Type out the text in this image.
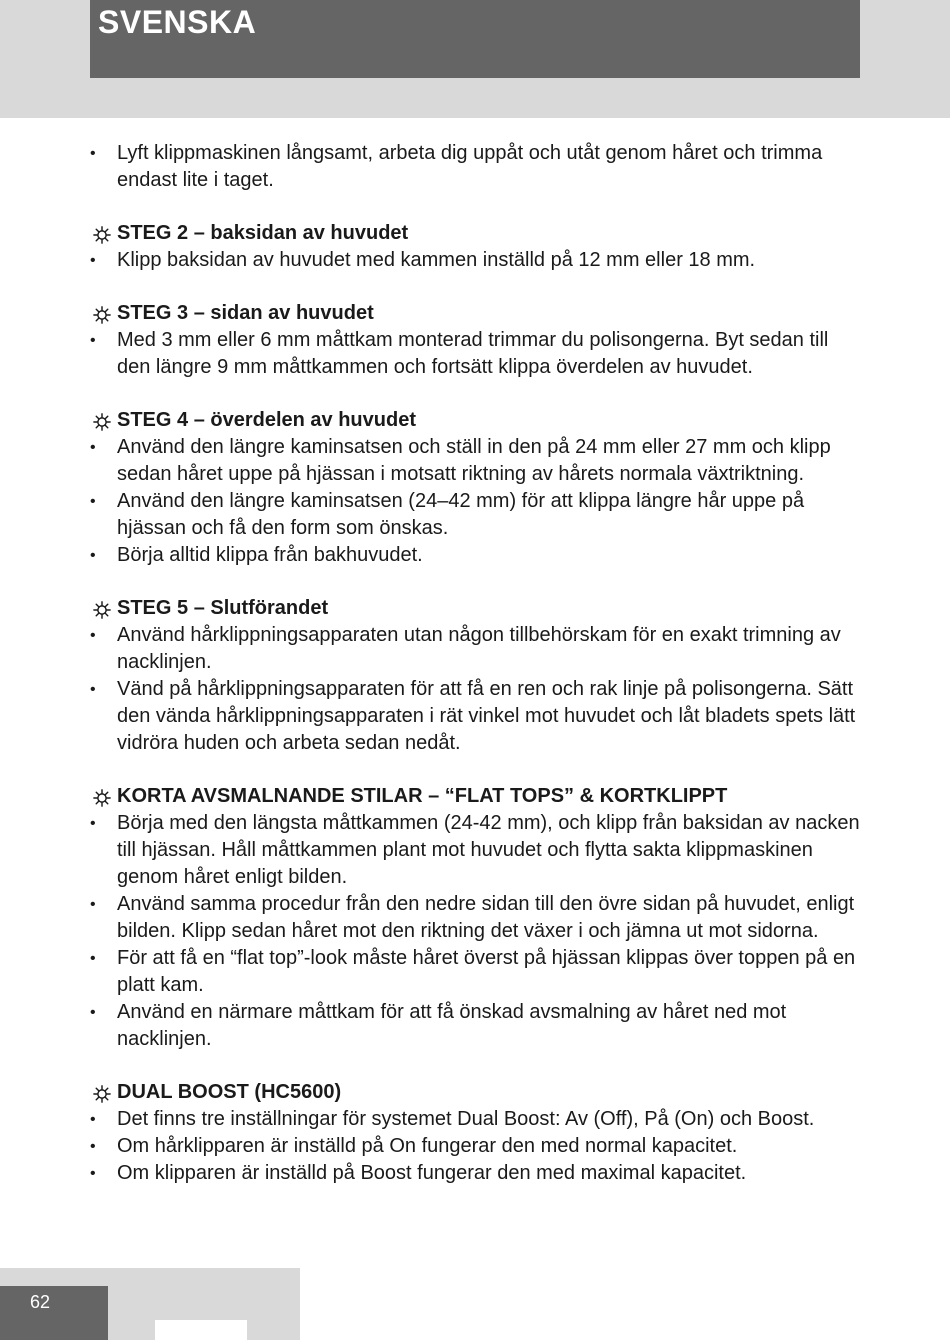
SVENSKA
•	Lyft klippmaskinen långsamt, arbeta dig uppåt och utåt genom håret och trimma endast lite i taget.
STEG 2 – baksidan av huvudet
•	Klipp baksidan av huvudet med kammen inställd på 12 mm eller 18 mm.
STEG 3 – sidan av huvudet
•	Med 3 mm eller 6 mm måttkam monterad trimmar du polisongerna. Byt sedan till den längre 9 mm måttkammen och fortsätt klippa överdelen av huvudet.
STEG 4 – överdelen av huvudet
•	Använd den längre kaminsatsen och ställ in den på 24 mm eller 27 mm och klipp sedan håret uppe på hjässan i motsatt riktning av hårets normala växtriktning.
•	Använd den längre kaminsatsen (24–42 mm) för att klippa längre hår uppe på hjässan och få den form som önskas.
•	Börja alltid klippa från bakhuvudet.
STEG 5 – Slutförandet
•	Använd hårklippningsapparaten utan någon tillbehörskam för en exakt trimning av nacklinjen.
•	Vänd på hårklippningsapparaten för att få en ren och rak linje på polisongerna. Sätt den vända hårklippningsapparaten i rät vinkel mot huvudet och låt bladets spets lätt vidröra huden och arbeta sedan nedåt.
KORTA AVSMALNANDE STILAR – “FLAT TOPS” & KORTKLIPPT
•	Börja med den längsta måttkammen (24-42 mm), och klipp från baksidan av nacken till hjässan. Håll måttkammen plant mot huvudet och flytta sakta klippmaskinen genom håret enligt bilden.
•	Använd samma procedur från den nedre sidan till den övre sidan på huvudet, enligt bilden. Klipp sedan håret mot den riktning det växer i och jämna ut mot sidorna.
•	För att få en “flat top”-look måste håret överst på hjässan klippas över toppen på en platt kam.
•	Använd en närmare måttkam för att få önskad avsmalning av håret ned mot nacklinjen.
DUAL BOOST (HC5600)
•	Det finns tre inställningar för systemet Dual Boost: Av (Off), På (On) och Boost.
•	Om hårklipparen är inställd på On fungerar den med normal kapacitet.
•	Om klipparen är inställd på Boost fungerar den med maximal kapacitet.
62
